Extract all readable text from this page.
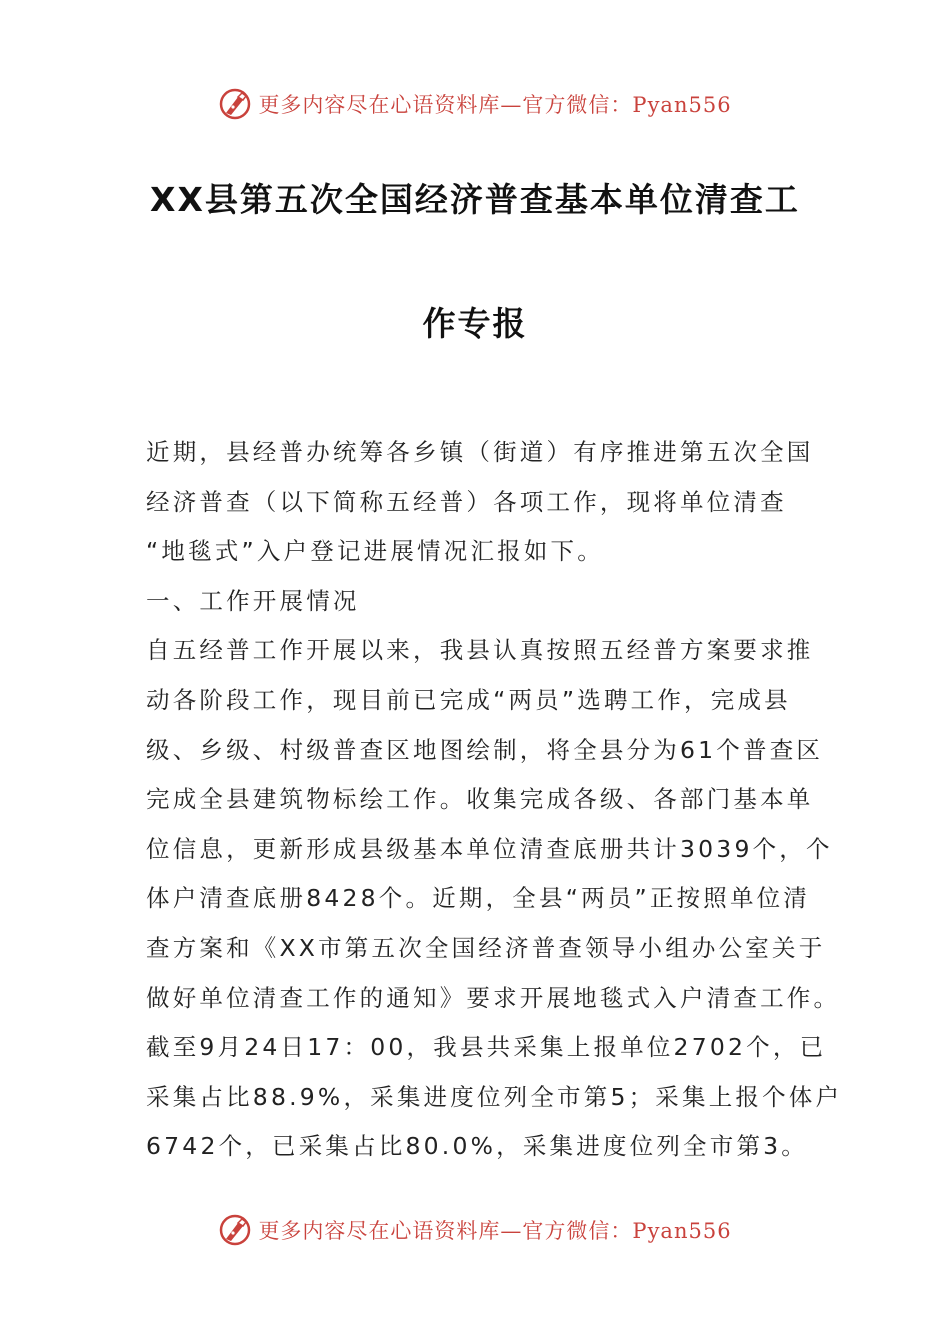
更多内容尽在心语资料库—官方微信：Pyan556
XX县第五次全国经济普查基本单位清查工
作专报
近期，县经普办统筹各乡镇（街道）有序推进第五次全国
经济普查（以下简称五经普）各项工作，现将单位清查
“地毯式”入户登记进展情况汇报如下。
一、工作开展情况
自五经普工作开展以来，我县认真按照五经普方案要求推
动各阶段工作，现目前已完成“两员”选聘工作，完成县
级、乡级、村级普查区地图绘制，将全县分为61个普查区
完成全县建筑物标绘工作。收集完成各级、各部门基本单
位信息，更新形成县级基本单位清查底册共计3039个，个
体户清查底册8428个。近期，全县“两员”正按照单位清
查方案和《XX市第五次全国经济普查领导小组办公室关于
做好单位清查工作的通知》要求开展地毯式入户清查工作。
截至9月24日17：00，我县共采集上报单位2702个，已
采集占比88.9%，采集进度位列全市第5；采集上报个体户
6742个，已采集占比80.0%，采集进度位列全市第3。
更多内容尽在心语资料库—官方微信：Pyan556
